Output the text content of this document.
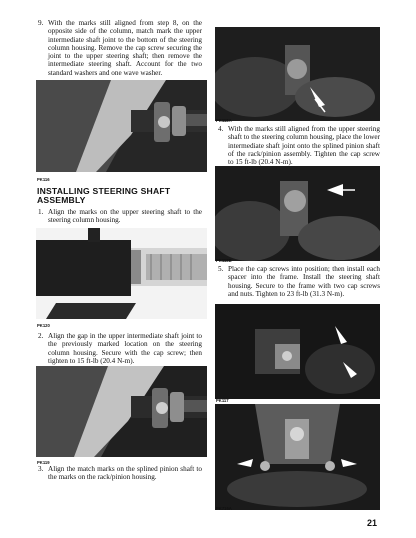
9. With the marks still aligned from step 8, on the opposite side of the column, match mark the upper intermediate shaft joint to the bottom of the steering column housing. Remove the cap screw securing the joint to the upper steering shaft; then remove the intermediate steering shaft. Account for the two standard washers and one wave washer.
PK116
INSTALLING STEERING SHAFT ASSEMBLY
1. Align the marks on the upper steering shaft to the steering column housing.
PK120
2. Align the gap in the upper intermediate shaft joint to the previously marked location on the steering column housing. Secure with the cap screw; then tighten to 15 ft-lb (20.4 N-m).
PK119
3. Align the match marks on the splined pinion shaft to the marks on the rack/pinion housing.
PK118A
4. With the marks still aligned from the upper steering shaft to the steering column housing, place the lower intermediate shaft joint onto the splined pinion shaft of the rack/pinion assembly. Tighten the cap screw to 15 ft-lb (20.4 N-m).
PK118B
5. Place the cap screws into position; then install each spacer into the frame. Install the steering shaft housing. Secure to the frame with two cap screws and nuts. Tighten to 23 ft-lb (31.3 N-m).
PK117
PK716A
21
